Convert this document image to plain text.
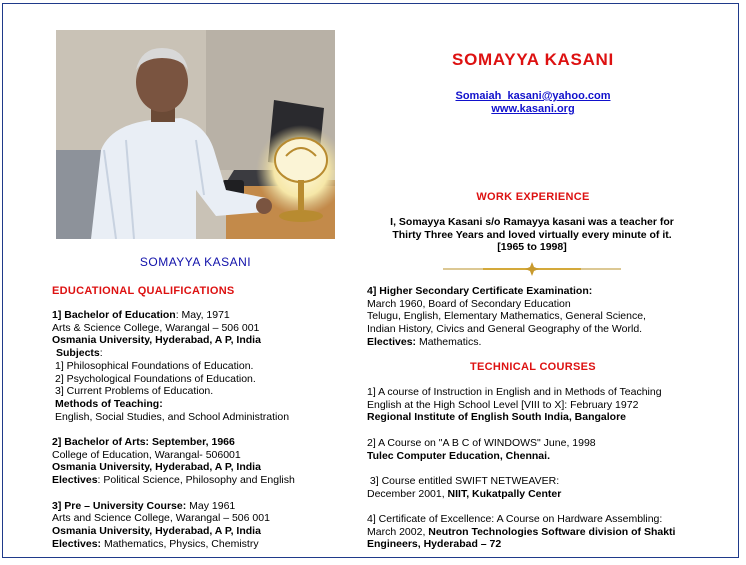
SOMAYYA KASANI
EDUCATIONAL QUALIFICATIONS

1] Bachelor of Education: May, 1971

Arts & Science College, Warangal – 506 001

Osmania University, Hyderabad, A P, India

Subjects:

1] Philosophical Foundations of Education.

2] Psychological Foundations of Education.

3] Current Problems of Education.

Methods of Teaching:

English, Social Studies, and School Administration

2] Bachelor of Arts: September, 1966

College of Education, Warangal- 506001

Osmania University, Hyderabad, A P, India

Electives: Political Science, Philosophy and English

3] Pre – University Course: May 1961

Arts and Science College, Warangal – 506 001

Osmania University, Hyderabad, A P, India

Electives: Mathematics, Physics, Chemistry

SOMAYYA KASANI
Somaiah_kasani@yahoo.com
www.kasani.org
WORK EXPERIENCE
I, Somayya Kasani s/o Ramayya kasani was a teacher for
Thirty Three Years and loved virtually every minute of it.
[1965 to 1998]

4] Higher Secondary Certificate Examination:

March 1960, Board of Secondary Education

Telugu, English, Elementary Mathematics, General Science,

Indian History, Civics and General Geography of the World.

Electives: Mathematics.

TECHNICAL COURSES

1] A course of Instruction in English and in Methods of Teaching

English at the High School Level [VIII to X]: February 1972

Regional Institute of English South India, Bangalore

2] A Course on "A B C of WINDOWS" June, 1998

Tulec Computer Education, Chennai.

3] Course entitled SWIFT NETWEAVER:

December 2001, NIIT, Kukatpally Center

4] Certificate of Excellence: A Course on Hardware Assembling:

March 2002, Neutron Technologies Software division of Shakti

Engineers, Hyderabad – 72
